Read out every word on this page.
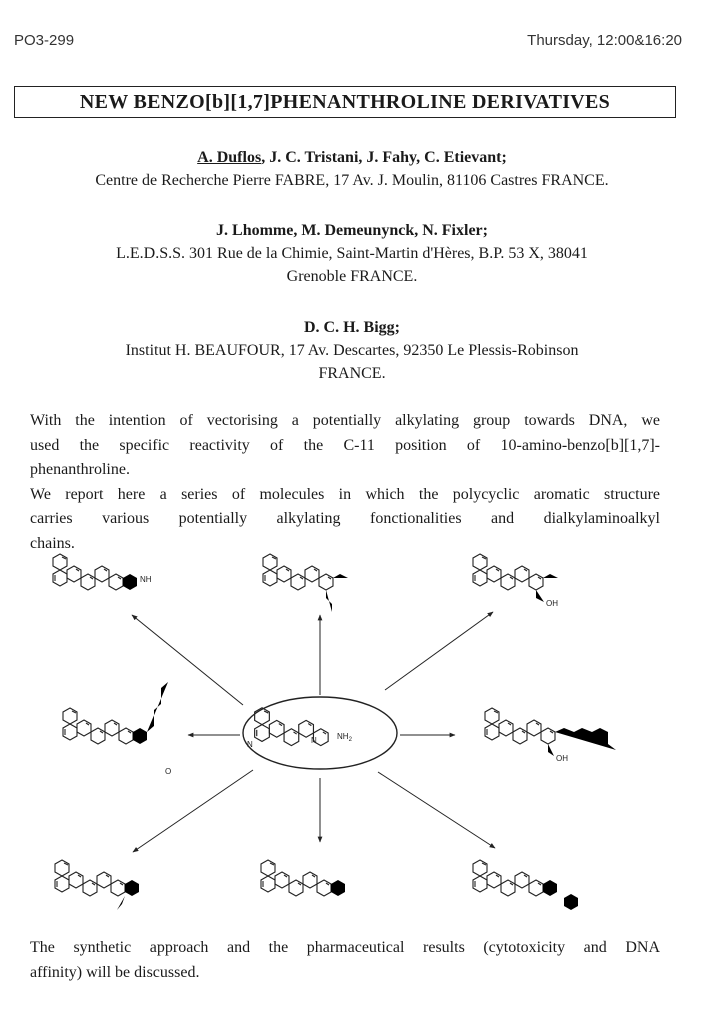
PO3-299	Thursday, 12:00&16:20
NEW BENZO[b][1,7]PHENANTHROLINE DERIVATIVES
A. Duflos, J. C. Tristani, J. Fahy, C. Etievant;
Centre de Recherche Pierre FABRE, 17 Av. J. Moulin, 81106 Castres FRANCE.
J. Lhomme, M. Demeunynck, N. Fixler;
L.E.D.S.S. 301 Rue de la Chimie, Saint-Martin d'Hères, B.P. 53 X, 38041
Grenoble FRANCE.
D. C. H. Bigg;
Institut H. BEAUFOUR, 17 Av. Descartes, 92350 Le Plessis-Robinson
FRANCE.
With the intention of vectorising a potentially alkylating group towards DNA, we
used the specific reactivity of the C-11 position of 10-amino-benzo[b][1,7]-
phenanthroline.
We report here a series of molecules in which the polycyclic aromatic structure
carries various potentially alkylating fonctionalities and dialkylaminoalkyl
chains.
N	N	$NH_2$
NH
OH
O
OH
The synthetic approach and the pharmaceutical results (cytotoxicity and DNA
affinity) will be discussed.
